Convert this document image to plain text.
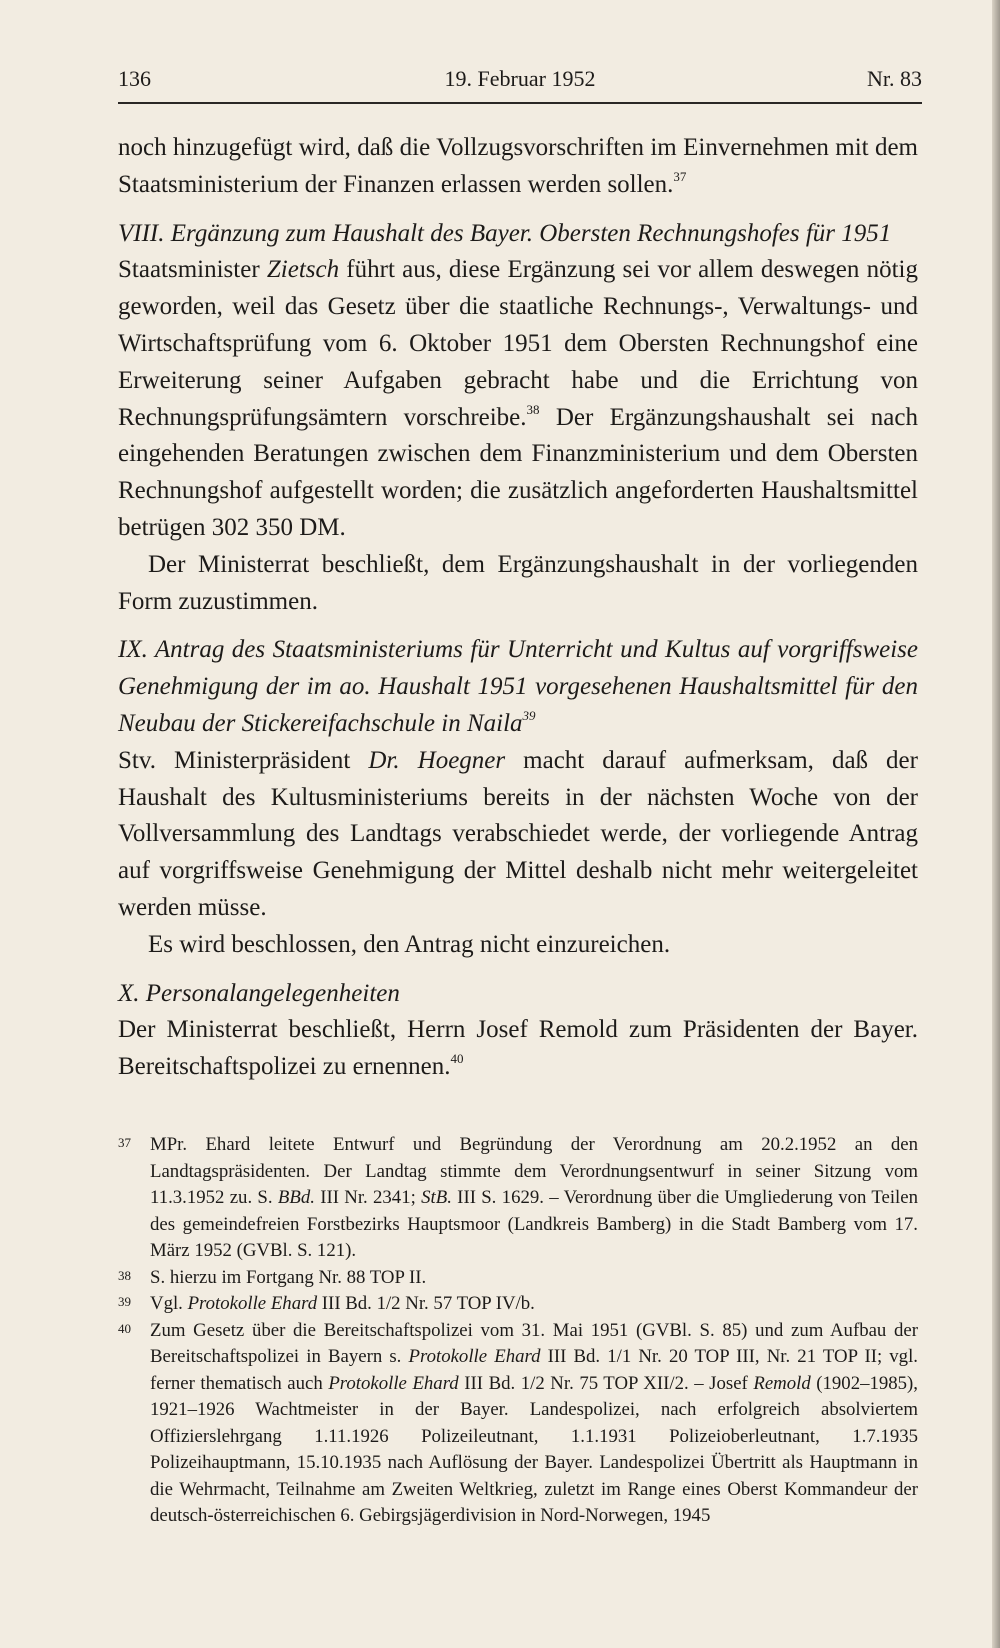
136	19. Februar 1952	Nr. 83

noch hinzugefügt wird, daß die Vollzugsvorschriften im Einvernehmen mit dem Staatsministerium der Finanzen erlassen werden sollen.$^{37}$

VIII. Ergänzung zum Haushalt des Bayer. Obersten Rechnungshofes für 1951

Staatsminister Zietsch führt aus, diese Ergänzung sei vor allem deswegen nötig geworden, weil das Gesetz über die staatliche Rechnungs-, Verwaltungs- und Wirtschaftsprüfung vom 6. Oktober 1951 dem Obersten Rechnungshof eine Erweiterung seiner Aufgaben gebracht habe und die Errichtung von Rechnungsprüfungsämtern vorschreibe.$^{38}$ Der Ergänzungshaushalt sei nach eingehenden Beratungen zwischen dem Finanzministerium und dem Obersten Rechnungshof aufgestellt worden; die zusätzlich angeforderten Haushaltsmittel betrügen 302 350 DM.

Der Ministerrat beschließt, dem Ergänzungshaushalt in der vorliegenden Form zuzustimmen.

IX. Antrag des Staatsministeriums für Unterricht und Kultus auf vorgriffsweise Genehmigung der im ao. Haushalt 1951 vorgesehenen Haushaltsmittel für den Neubau der Stickereifachschule in Naila$^{39}$

Stv. Ministerpräsident Dr. Hoegner macht darauf aufmerksam, daß der Haushalt des Kultusministeriums bereits in der nächsten Woche von der Vollversammlung des Landtags verabschiedet werde, der vorliegende Antrag auf vorgriffsweise Genehmigung der Mittel deshalb nicht mehr weitergeleitet werden müsse.

Es wird beschlossen, den Antrag nicht einzureichen.

X. Personalangelegenheiten

Der Ministerrat beschließt, Herrn Josef Remold zum Präsidenten der Bayer. Bereitschaftspolizei zu ernennen.$^{40}$

37	MPr. Ehard leitete Entwurf und Begründung der Verordnung am 20.2.1952 an den Landtagspräsidenten. Der Landtag stimmte dem Verordnungsentwurf in seiner Sitzung vom 11.3.1952 zu. S. BBd. III Nr. 2341; StB. III S. 1629. – Verordnung über die Umgliederung von Teilen des gemeindefreien Forstbezirks Hauptsmoor (Landkreis Bamberg) in die Stadt Bamberg vom 17. März 1952 (GVBl. S. 121).
38	S. hierzu im Fortgang Nr. 88 TOP II.
39	Vgl. Protokolle Ehard III Bd. 1/2 Nr. 57 TOP IV/b.
40	Zum Gesetz über die Bereitschaftspolizei vom 31. Mai 1951 (GVBl. S. 85) und zum Aufbau der Bereitschaftspolizei in Bayern s. Protokolle Ehard III Bd. 1/1 Nr. 20 TOP III, Nr. 21 TOP II; vgl. ferner thematisch auch Protokolle Ehard III Bd. 1/2 Nr. 75 TOP XII/2. – Josef Remold (1902–1985), 1921–1926 Wachtmeister in der Bayer. Landespolizei, nach erfolgreich absolviertem Offizierslehrgang 1.11.1926 Polizeileutnant, 1.1.1931 Polizeioberleutnant, 1.7.1935 Polizeihauptmann, 15.10.1935 nach Auflösung der Bayer. Landespolizei Übertritt als Hauptmann in die Wehrmacht, Teilnahme am Zweiten Weltkrieg, zuletzt im Range eines Oberst Kommandeur der deutsch-österreichischen 6. Gebirgsjägerdivision in Nord-Norwegen, 1945
